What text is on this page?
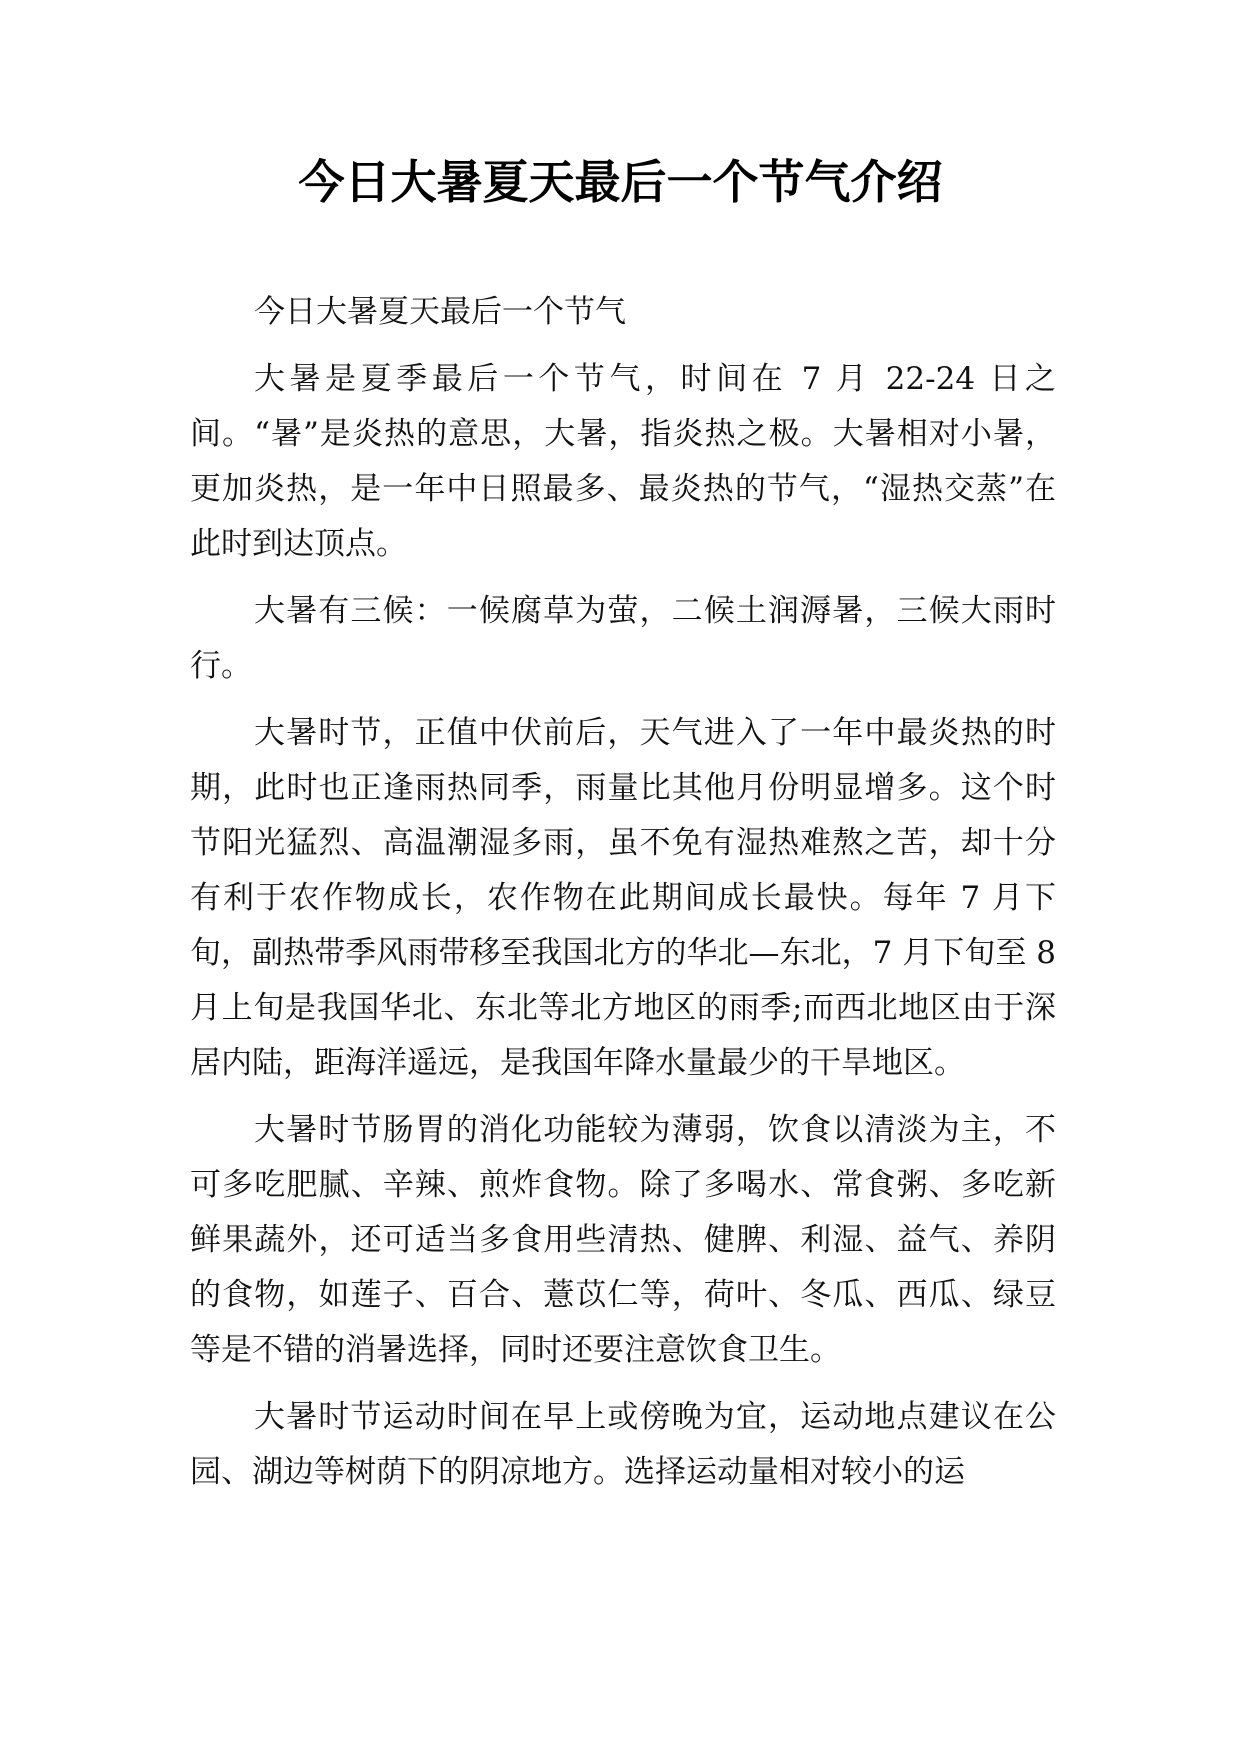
今日大暑夏天最后一个节气介绍

今日大暑夏天最后一个节气

大暑是夏季最后一个节气，时间在 7 月 22-24 日之间。“暑”是炎热的意思，大暑，指炎热之极。大暑相对小暑，更加炎热，是一年中日照最多、最炎热的节气，“湿热交蒸”在此时到达顶点。

大暑有三候：一候腐草为萤，二候土润溽暑，三候大雨时行。

大暑时节，正值中伏前后，天气进入了一年中最炎热的时期，此时也正逢雨热同季，雨量比其他月份明显增多。这个时节阳光猛烈、高温潮湿多雨，虽不免有湿热难熬之苦，却十分有利于农作物成长，农作物在此期间成长最快。每年 7 月下旬，副热带季风雨带移至我国北方的华北—东北，7 月下旬至 8 月上旬是我国华北、东北等北方地区的雨季;而西北地区由于深居内陆，距海洋遥远，是我国年降水量最少的干旱地区。

大暑时节肠胃的消化功能较为薄弱，饮食以清淡为主，不可多吃肥腻、辛辣、煎炸食物。除了多喝水、常食粥、多吃新鲜果蔬外，还可适当多食用些清热、健脾、利湿、益气、养阴的食物，如莲子、百合、薏苡仁等，荷叶、冬瓜、西瓜、绿豆等是不错的消暑选择，同时还要注意饮食卫生。

大暑时节运动时间在早上或傍晚为宜，运动地点建议在公园、湖边等树荫下的阴凉地方。选择运动量相对较小的运
